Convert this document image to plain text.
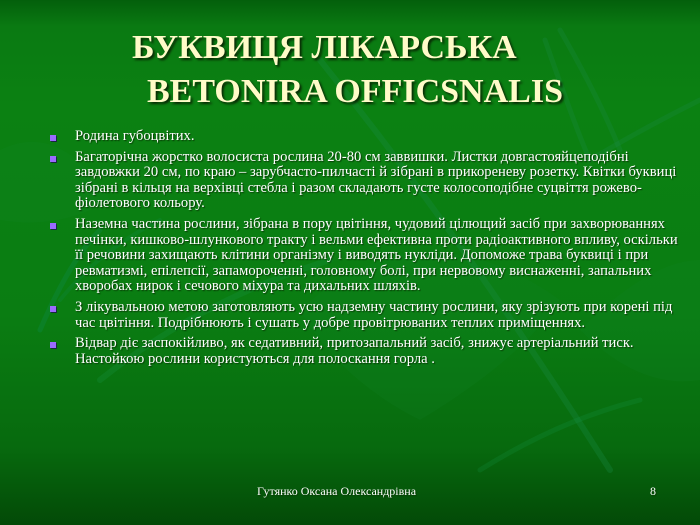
БУКВИЦЯ ЛІКАРСЬКА
BETONIRA OFFICSNALIS
Родина губоцвітих.
Багаторічна жорстко волосиста рослина 20-80 см заввишки. Листки довгастояйцеподібні завдовжки 20 см, по краю – зарубчасто-пилчасті й зібрані в прикореневу розетку. Квітки буквиці зібрані в кільця на верхівці стебла і разом складають густе колосоподібне суцвіття рожево-фіолетового кольору.
Наземна частина рослини, зібрана в пору цвітіння, чудовий цілющий засіб при захворюваннях печінки, кишково-шлункового тракту і вельми ефективна проти радіоактивного впливу, оскільки її речовини захищають клітини організму і виводять нукліди. Допоможе трава буквиці і при ревматизмі, епілепсії, запамороченні, головному болі, при нервовому виснаженні, запальних хворобах нирок і сечового міхура та дихальних шляхів.
З лікувальною метою заготовляють усю надземну частину рослини, яку зрізують при корені під час цвітіння. Подрібнюють і сушать у добре провітрюваних теплих приміщеннях.
Відвар діє заспокійливо, як седативний, притозапальний засіб, знижує артеріальний тиск. Настойкою рослини користуються для полоскання горла .
Гутянко Оксана Олександрівна	8
